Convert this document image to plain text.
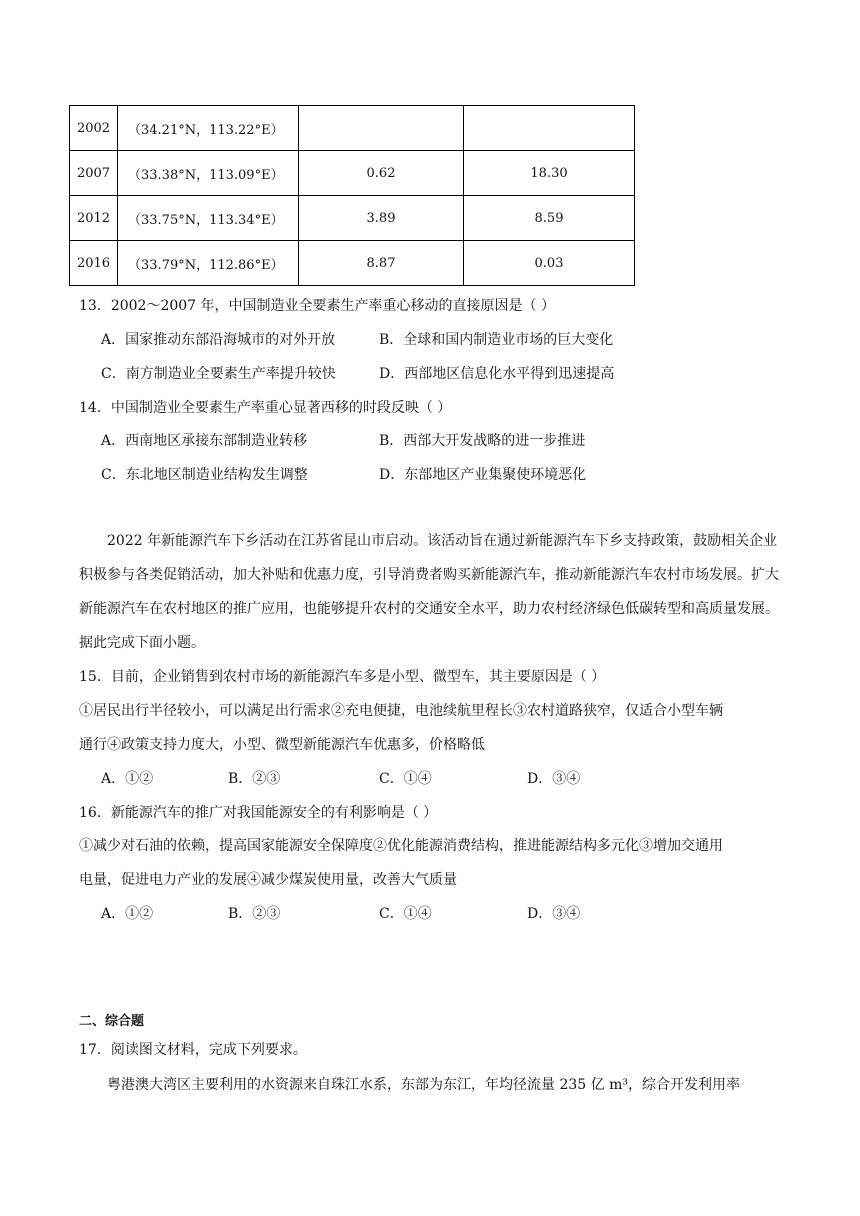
2002	（34.21°N，113.22°E）		
2007	（33.38°N，113.09°E）	0.62	18.30
2012	（33.75°N，113.34°E）	3.89	8.59
2016	（33.79°N，112.86°E）	8.87	0.03
13．2002～2007 年，中国制造业全要素生产率重心移动的直接原因是（ ）
A．国家推动东部沿海城市的对外开放	B．全球和国内制造业市场的巨大变化
C．南方制造业全要素生产率提升较快	D．西部地区信息化水平得到迅速提高
14．中国制造业全要素生产率重心显著西移的时段反映（ ）
A．西南地区承接东部制造业转移	B．西部大开发战略的进一步推进
C．东北地区制造业结构发生调整	D．东部地区产业集聚使环境恶化
2022 年新能源汽车下乡活动在江苏省昆山市启动。该活动旨在通过新能源汽车下乡支持政策，鼓励相关企业积极参与各类促销活动，加大补贴和优惠力度，引导消费者购买新能源汽车，推动新能源汽车农村市场发展。扩大新能源汽车在农村地区的推广应用，也能够提升农村的交通安全水平，助力农村经济绿色低碳转型和高质量发展。据此完成下面小题。
15．目前，企业销售到农村市场的新能源汽车多是小型、微型车，其主要原因是（ ）
①居民出行半径较小，可以满足出行需求②充电便捷，电池续航里程长③农村道路狭窄，仅适合小型车辆
通行④政策支持力度大，小型、微型新能源汽车优惠多，价格略低
A．①②	B．②③	C．①④	D．③④
16．新能源汽车的推广对我国能源安全的有利影响是（ ）
①减少对石油的依赖，提高国家能源安全保障度②优化能源消费结构，推进能源结构多元化③增加交通用
电量，促进电力产业的发展④减少煤炭使用量，改善大气质量
A．①②	B．②③	C．①④	D．③④
二、综合题
17．阅读图文材料，完成下列要求。
粤港澳大湾区主要利用的水资源来自珠江水系，东部为东江，年均径流量 235 亿 m³，综合开发利用率
